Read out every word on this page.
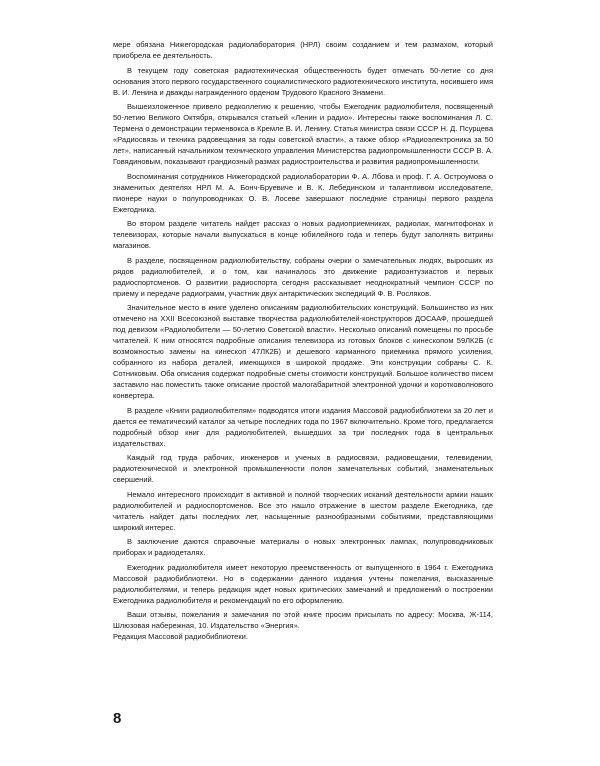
мере обязана Нижегородская радиолаборатория (НРЛ) своим созданием и тем размахом, который приобрела ее деятельность.

В текущем году советская радиотехническая общественность будет отмечать 50-летие со дня основания этого первого государственного социалистического радиотехнического института, носившего имя В. И. Ленина и дважды награжденного орденом Трудового Красного Знамени.

Вышеизложенное привело редколлегию к решению, чтобы Ежегодник радиолюбителя, посвященный 50-летию Великого Октября, открывался статьей «Ленин и радио». Интересны также воспоминания Л. С. Термена о демонстрации терменвокса в Кремле В. И. Ленину. Статья министра связи СССР Н. Д. Псурцева «Радиосвязь и техника радовещания за годы советской власти», а также обзор «Радиоэлектроника за 50 лет», написанный начальником технического управления Министерства радиопромышленности СССР В. А. Говядиновым, показывают грандиозный размах радиостроительства и развития радиопромышленности.

Воспоминания сотрудников Нижегородской радиолаборатории Ф. А. Лбова и проф. Г. А. Остроумова о знаменитых деятелях НРЛ М. А. Бонч-Бруевиче и В. К. Лебединском и талантливом исследователе, пионере науки о полупроводниках О. В. Лосеве завершают последние страницы первого раздела Ежегодника.

Во втором разделе читатель найдет рассказ о новых радиоприемниках, радиолах, магнитофонах и телевизорах, которые начали выпускаться в конце юбилейного года и теперь будут заполнять витрины магазинов.

В разделе, посвященном радиолюбительству, собраны очерки о замечательных людях, выросших из рядов радиолюбителей, и о том, как начиналось это движение радиоэнтузиастов и первых радиоспортсменов. О развитии радиоспорта сегодня рассказывает неоднократный чемпион СССР по приему и передаче радиограмм, участник двух антарктических экспедиций Ф. В. Росляков.

Значительное место в книге уделено описаниям радиолюбительских конструкций. Большинство из них отмечено на XXII Всесоюзной выставке творчества радиолюбителей-конструкторов ДОСААФ, прошедшей под девизом «Радиолюбители — 50-летию Советской власти». Несколько описаний помещены по просьбе читателей. К ним относятся подробные описания телевизора из готовых блоков с кинескопом 59ЛК2Б (с возможностью замены на кинескоп 47ЛК2Б) и дешевого карманного приемника прямого усиления, собранного из набора деталей, имеющихся в широкой продаже. Эти конструкции собраны С. К. Сотниковым. Оба описания содержат подробные сметы стоимости конструкций. Большое количество писем заставило нас поместить также описание простой малогабаритной электронной удочки и коротковолнового конвертера.

В разделе «Книги радиолюбителям» подводятся итоги издания Массовой радиобиблиотеки за 20 лет и дается ее тематический каталог за четыре последних года по 1967 включительно. Кроме того, предлагается подробный обзор книг для радиолюбителей, вышедших за три последних года в центральных издательствах.

Каждый год труда рабочих, инженеров и ученых в радиосвязи, радиовещании, телевидении, радиотехнической и электронной промышленности полон замечательных событий, знаменательных свершений.

Немало интересного происходит в активной и полной творческих исканий деятельности армии наших радиолюбителей и радиоспортсменов. Все это нашло отражение в шестом разделе Ежегодника, где читатель найдет даты последних лет, насыщенные разнообразными событиями, представляющими широкий интерес.

В заключение даются справочные материалы о новых электронных лампах, полупроводниковых приборах и радиодеталях.

Ежегодник радиолюбителя имеет некоторую преемственность от выпущенного в 1964 г. Ежегодника Массовой радиобиблиотеки. Но в содержании данного издания учтены пожелания, высказанные радиолюбителями, и теперь редакция ждет новых критических замечаний и предложений о построении Ежегодника радиолюбителя и рекомендаций по его оформлению.

Ваши отзывы, пожелания и замечания по этой книге просим присылать по адресу: Москва, Ж-114, Шлюзовая набережная, 10. Издательство «Энергия».

Редакция Массовой радиобиблиотеки.

8
